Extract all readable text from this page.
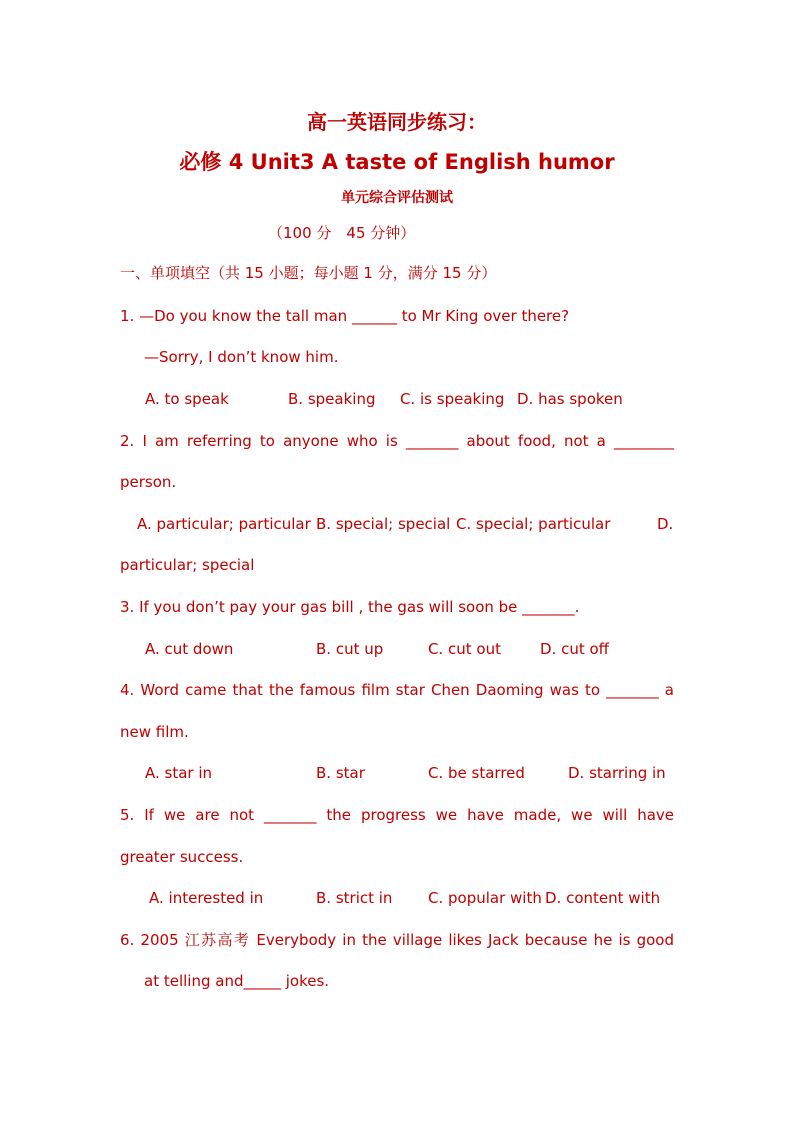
高一英语同步练习：
必修 4 Unit3 A taste of English humor
单元综合评估测试
（100 分　45 分钟）
一、单项填空（共 15 小题；每小题 1 分，满分 15 分）
1. —Do you know the tall man ______ to Mr King over there?
—Sorry, I don’t know him.
A. to speak	B. speaking C. is speaking D. has spoken
2. I am referring to anyone who is _______ about food, not a ________
person.
A. particular; particular B. special; special C. special; particular	D.
particular; special
3. If you don’t pay your gas bill , the gas will soon be _______.
A. cut down	B. cut up	C. cut out	D. cut off
4. Word came that the famous film star Chen Daoming was to _______ a
new film.
A. star in	B. star	C. be starred	D. starring in
5. If we are not _______ the progress we have made, we will have
greater success.
A. interested in	B. strict in C. popular with D. content with
6. 2005 江苏高考 Everybody in the village likes Jack because he is good
at telling and_____ jokes.
